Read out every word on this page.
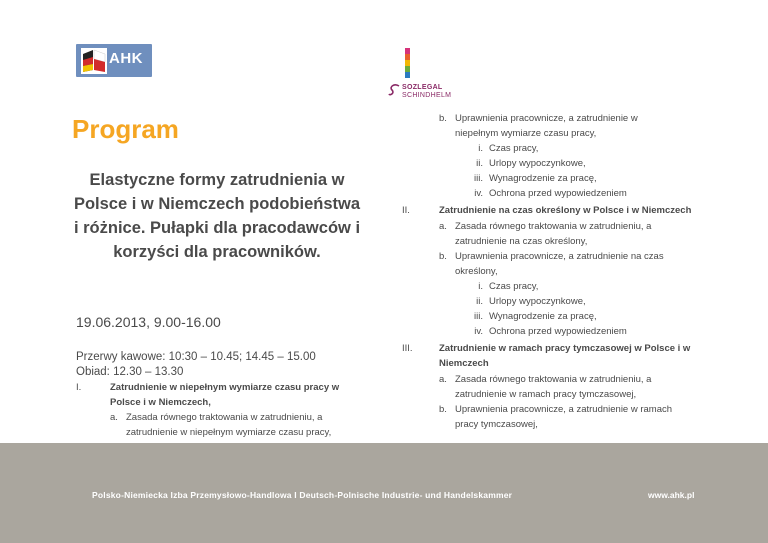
AHK
SOZLEGAL
SCHINDHELM
Program
Elastyczne formy zatrudnienia w Polsce i w Niemczech podobieństwa i różnice. Pułapki dla pracodawców i korzyści dla pracowników.
19.06.2013, 9.00-16.00
Przerwy kawowe: 10:30 – 10.45; 14.45 – 15.00
Obiad: 12.30 – 13.30
I.	Zatrudnienie w niepełnym wymiarze czasu pracy w
Polsce i w Niemczech,
a. Zasada równego traktowania w zatrudnieniu, a
zatrudnienie w niepełnym wymiarze czasu pracy,
b. Uprawnienia pracownicze, a zatrudnienie w
niepełnym wymiarze czasu pracy,
i. Czas pracy,
ii. Urlopy wypoczynkowe,
iii. Wynagrodzenie za pracę,
iv. Ochrona przed wypowiedzeniem
II.	Zatrudnienie na czas określony w Polsce i w Niemczech
a. Zasada równego traktowania w zatrudnieniu, a
zatrudnienie na czas określony,
b. Uprawnienia pracownicze, a zatrudnienie na czas
określony,
i. Czas pracy,
ii. Urlopy wypoczynkowe,
iii. Wynagrodzenie za pracę,
iv. Ochrona przed wypowiedzeniem
III.	Zatrudnienie w ramach pracy tymczasowej w Polsce i w
Niemczech
a. Zasada równego traktowania w zatrudnieniu, a
zatrudnienie w ramach pracy tymczasowej,
b. Uprawnienia pracownicze, a zatrudnienie w ramach
pracy tymczasowej,
Polsko-Niemiecka Izba Przemysłowo-Handlowa I Deutsch-Polnische Industrie- und Handelskammer	www.ahk.pl
